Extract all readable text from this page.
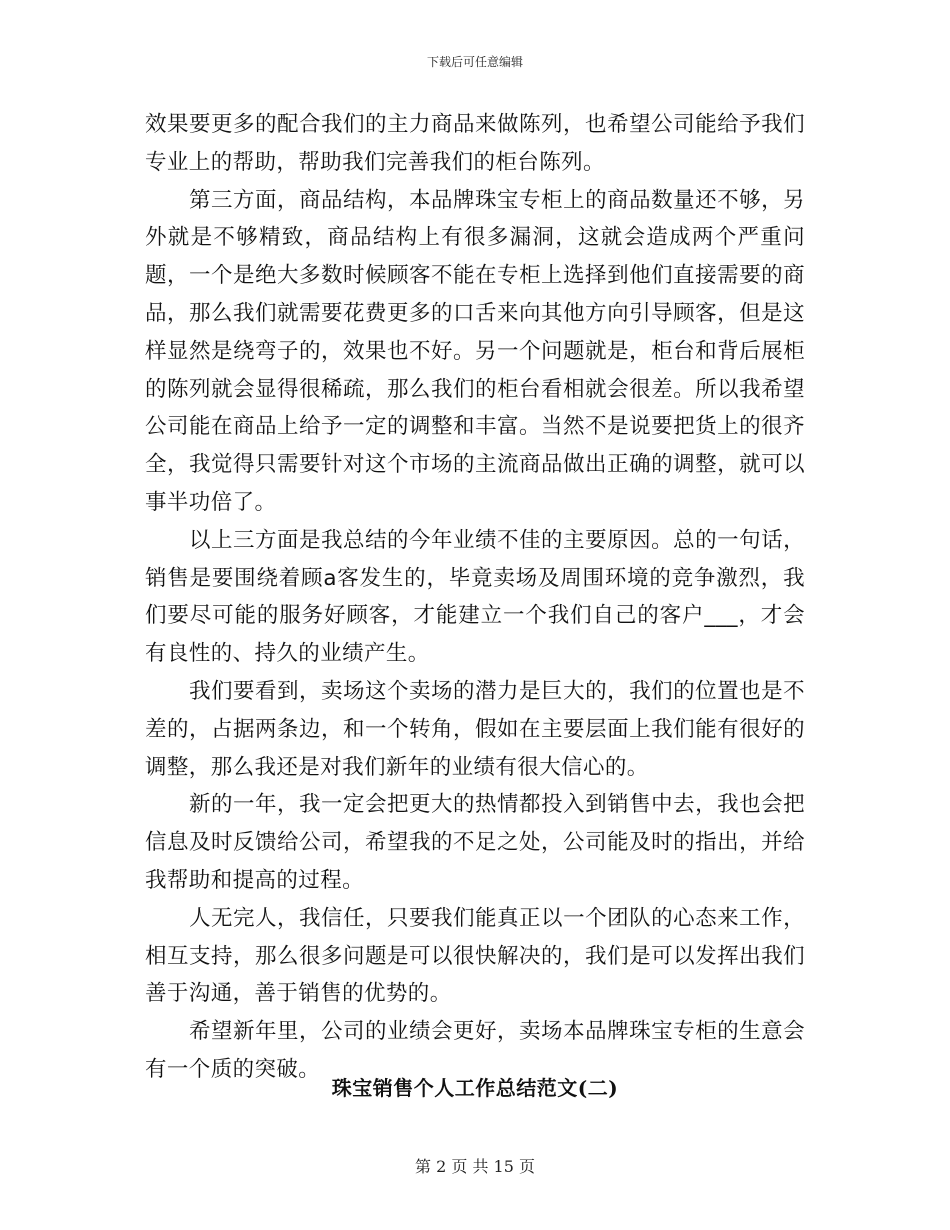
下载后可任意编辑

效果要更多的配合我们的主力商品来做陈列，也希望公司能给予我们专业上的帮助，帮助我们完善我们的柜台陈列。

第三方面，商品结构，本品牌珠宝专柜上的商品数量还不够，另外就是不够精致，商品结构上有很多漏洞，这就会造成两个严重问题，一个是绝大多数时候顾客不能在专柜上选择到他们直接需要的商品，那么我们就需要花费更多的口舌来向其他方向引导顾客，但是这样显然是绕弯子的，效果也不好。另一个问题就是，柜台和背后展柜的陈列就会显得很稀疏，那么我们的柜台看相就会很差。所以我希望公司能在商品上给予一定的调整和丰富。当然不是说要把货上的很齐全，我觉得只需要针对这个市场的主流商品做出正确的调整，就可以事半功倍了。

以上三方面是我总结的今年业绩不佳的主要原因。总的一句话，销售是要围绕着顾a客发生的，毕竟卖场及周围环境的竞争激烈，我们要尽可能的服务好顾客，才能建立一个我们自己的客户___，才会有良性的、持久的业绩产生。

我们要看到，卖场这个卖场的潜力是巨大的，我们的位置也是不差的，占据两条边，和一个转角，假如在主要层面上我们能有很好的调整，那么我还是对我们新年的业绩有很大信心的。

新的一年，我一定会把更大的热情都投入到销售中去，我也会把信息及时反馈给公司，希望我的不足之处，公司能及时的指出，并给我帮助和提高的过程。

人无完人，我信任，只要我们能真正以一个团队的心态来工作，相互支持，那么很多问题是可以很快解决的，我们是可以发挥出我们善于沟通，善于销售的优势的。

希望新年里，公司的业绩会更好，卖场本品牌珠宝专柜的生意会有一个质的突破。

珠宝销售个人工作总结范文(二)
第 2 页 共 15 页
